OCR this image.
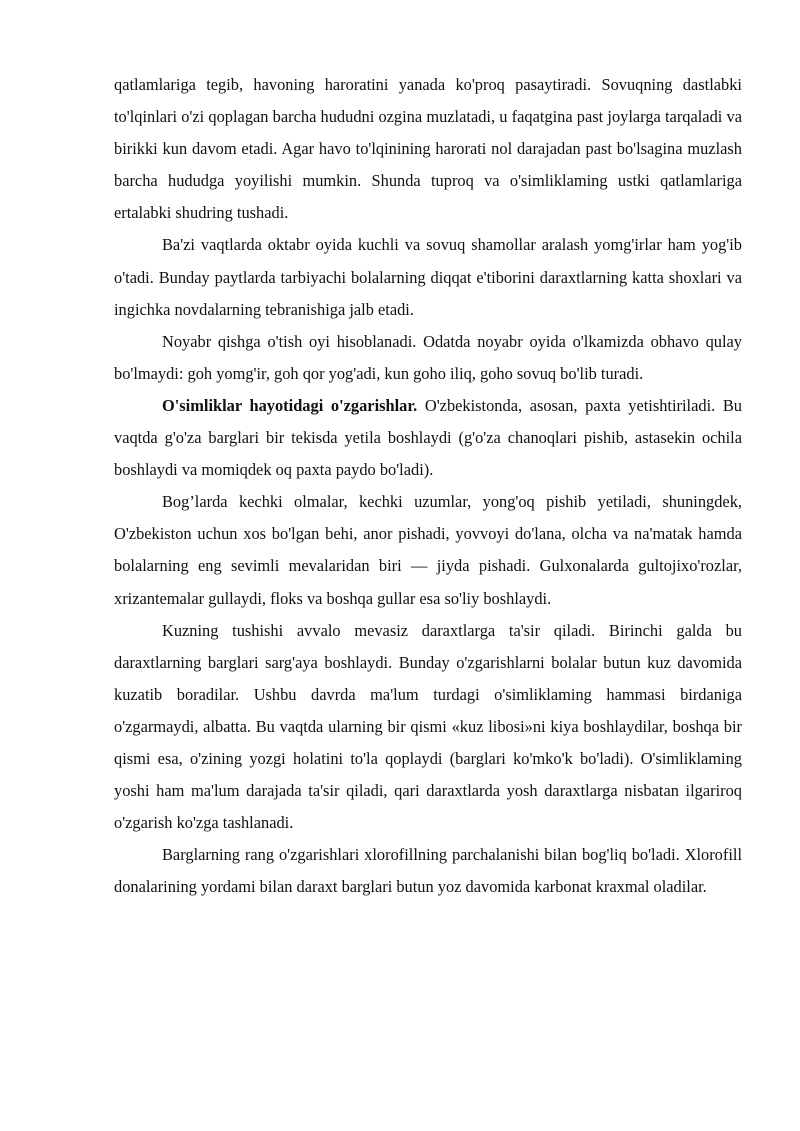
qatlamlariga tegib, havoning haroratini yanada ko'proq pasaytiradi. Sovuqning dastlabki to'lqinlari o'zi qoplagan barcha hududni ozgina muzlatadi, u faqatgina past joylarga tarqaladi va birikki kun davom etadi. Agar havo to'lqinining harorati nol darajadan past bo'lsagina muzlash barcha hududga yoyilishi mumkin. Shunda tuproq va o'simliklaming ustki qatlamlariga ertalabki shudring tushadi.

Ba'zi vaqtlarda oktabr oyida kuchli va sovuq shamollar aralash yomg'irlar ham yog'ib o'tadi. Bunday paytlarda tarbiyachi bolalarning diqqat e'tiborini daraxtlarning katta shoxlari va ingichka novdalarning tebranishiga jalb etadi.

Noyabr qishga o'tish oyi hisoblanadi. Odatda noyabr oyida o'lkamizda obhavo qulay bo'lmaydi: goh yomg'ir, goh qor yog'adi, kun goho iliq, goho sovuq bo'lib turadi.

O'simliklar hayotidagi o'zgarishlar. O'zbekistonda, asosan, paxta yetishtiriladi. Bu vaqtda g'o'za barglari bir tekisda yetila boshlaydi (g'o'za chanoqlari pishib, astasekin ochila boshlaydi va momiqdek oq paxta paydo bo'ladi).

Bog’larda kechki olmalar, kechki uzumlar, yong'oq pishib yetiladi, shuningdek, O'zbekiston uchun xos bo'lgan behi, anor pishadi, yovvoyi do'lana, olcha va na'matak hamda bolalarning eng sevimli mevalaridan biri — jiyda pishadi. Gulxonalarda gultojixo'rozlar, xrizantemalar gullaydi, floks va boshqa gullar esa so'liy boshlaydi.

Kuzning tushishi avvalo mevasiz daraxtlarga ta'sir qiladi. Birinchi galda bu daraxtlarning barglari sarg'aya boshlaydi. Bunday o'zgarishlarni bolalar butun kuz davomida kuzatib boradilar. Ushbu davrda ma'lum turdagi o'simliklaming hammasi birdaniga o'zgarmaydi, albatta. Bu vaqtda ularning bir qismi «kuz libosi»ni kiya boshlaydilar, boshqa bir qismi esa, o'zining yozgi holatini to'la qoplaydi (barglari ko'mko'k bo'ladi). O'simliklaming yoshi ham ma'lum darajada ta'sir qiladi, qari daraxtlarda yosh daraxtlarga nisbatan ilgariroq o'zgarish ko'zga tashlanadi.

Barglarning rang o'zgarishlari xlorofillning parchalanishi bilan bog'liq bo'ladi. Xlorofill donalarining yordami bilan daraxt barglari butun yoz davomida karbonat kraxmal oladilar.
